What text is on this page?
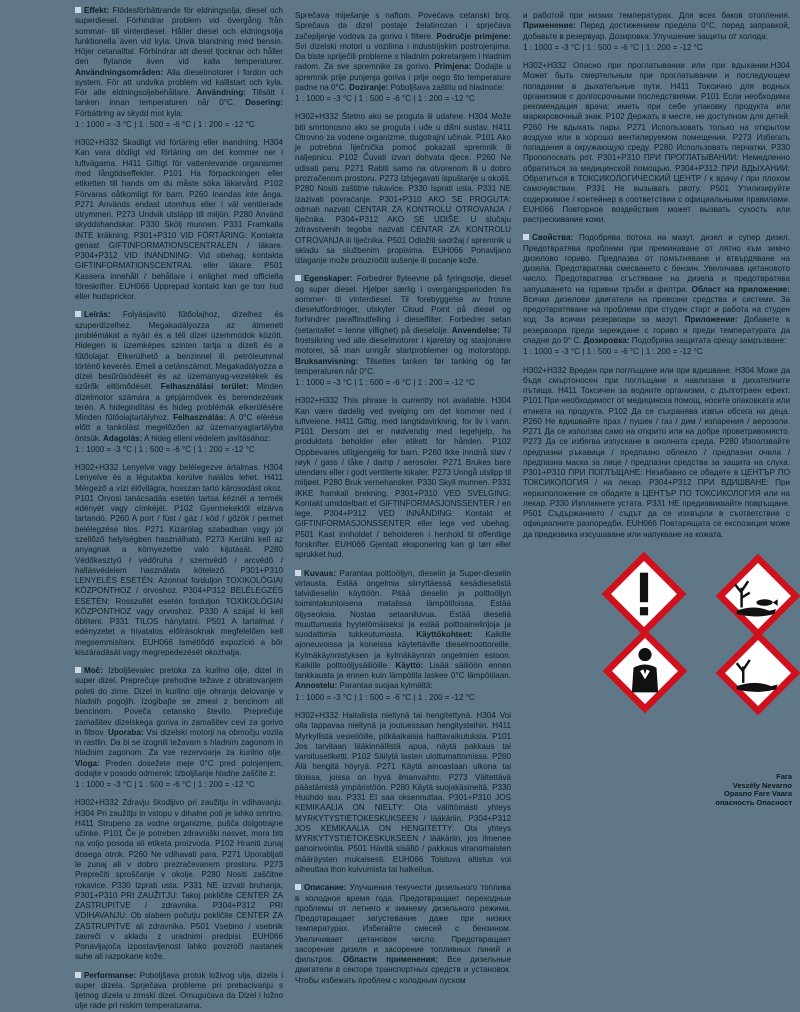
Effekt: Flödesförbättrande för eldningsolja, diesel och superdiesel. Förhindrar problem vid övergång från sommar- till vinterdiesel. Håller diesel och eldningsolja funktionella även vid kyla. Unvik blandning med bensin. Höjer cetanalltal. Förhindrar att diesel tjocknar och håller den flytande även vid kalla temperaturer. Användningsområden: Alla dieselmotorer i fordon och system. För att undvika problem vid kalllstart och kyla. För alle eldningsoljebehållare. Användning: Tillsätt i tanken innan temperaturen når 0°C. Dosering: Förbättring av skydd mot kyla:
1 : 1000 = -3 °C | 1 : 500 = -6 °C | 1 : 200 = -12 °C
H302+H332 Skadligt vid förtäring eller inandning. H304 Kan vara dödligt vid förtäring om det kommer ner i luftvägarna. H411 Giftigt för vattenlevande organismer med långtidseffekter. P101 Ha förpackningen eller etiketten till hands om du måste söka läkarvård. P102 Förvaras oåtkomligt för barn. P260 Inandas inte ånga. P271 Används endast utomhus eller i väl ventilerade utrymmen. P273 Undvik utsläpp till miljön. P280 Använd skyddshandskar. P330 Skölj munnen. P331 Framkalla INTE kräkning. P301+P310 VID FÖRTÄRING: Kontakta genast GIFTINFORMATIONSCENTRALEN / läkare. P304+P312 VID INANDNING: Vid obehag, kontakta GIFTINFORMATIONSCENTRAL eller läkare. P501 Kassera innehåll / behållare i enlighet med officiella föreskrifter. EUH066 Upprepad kontakt kan ge torr hud eller hudsprickor.
Leírás: Folyásjavító fűtőolajhoz, dízelhez és szuperdízelhez. Megakadályozza az átmeneti problémákat a nyári és a téli dízel üzemmódok között. Hidegen is üzemképes szinten tartja a dízelt és a fűtőolajat. Elkerülhető a benzinnel ill. petróleummal történő keverés. Emeli a cetánszámot. Megakadályozza a dízel besűrűsödését és az üzemanyag-vezetékek és szűrők eltömődését. Felhasználási terület: Minden dízelmotor számára a gépjárművek és berendezések terén. A hidegindítási és hideg problémák elkerülésére Minden fűtőolajtartályhoz. Felhasználás: A 0°C elérése előtt a tankolást megelőzően az üzemanyagtartályba öntsük. Adagolás: A hideg elleni védelem javításához:
1 : 1000 = -3 °C | 1 : 500 = -6 °C | 1 : 200 = -12 °C
H302+H332 Lenyelve vagy belélegezve ártalmas. H304 Lenyelve és a légutakba kerülve halálos lehet. H411 Mérgező a vízi élővilágra, hosszan tartó károsodást okoz. P101 Orvosi tanácsadás esetén tartsa kéznél a termék edényét vagy címkéjét. P102 Gyermekektől elzárva tartandó. P260 A port / füst / gáz / köd / gőzök / permet belélegzése tilos. P271 Kizárólag szabadban vagy jól szellőző helyiségben használható. P273 Kerülni kell az anyagnak a környezetbe való kijutását. P280 Védőkesztyű / védőruha / szemvédő / arcvédő / hallásvédelem használata kötelező. P301+P310 LENYELÉS ESETÉN: Azonnal forduljon TOXIKOLÓGIAI KÖZPONTHOZ / orvoshoz. P304+P312 BELÉLEGZÉS ESETÉN: Rosszullét esetén forduljon TOXIKOLÓGIAI KÖZPONTHOZ vagy orvoshoz. P330 A szájat ki kell öblíteni. P331 TILOS hánytatni. P501 A tartalmat / edényzetet a hivatalos előírásoknak megfelelően kell megsemmisíteni. EUH066 Ismétlődő expozíció a bőr kiszáradását vagy megrepedezését okozhatja.
Moč: Izboljševalec pretoka za kurilno olje, dizel in super dizel. Preprečuje prehodne težave z obratovanjem poleti do zime. Dizel in kurilno olje ohranja delovanje v hladnih pogojih. Izogibajte se zmesi z bencinom ali bencinom. Poveča cetansko število. Preprečuje zamašitev dizelskega goriva in zamašitev cevi za gorivo in filtrov. Uporaba: Vsi dizelski motorji na območju vozila in rastlin. Da bi se izognili težavam s hladnim zagonom in hladnim zagonom. Za vse rezervoarje za kurilno olje. Vloga: Preden dosežete meje 0°C pred polnjenjem, dodajte v posodo odmerek: Izboljšanje hladne zaščite z:
1 : 1000 = -3 °C | 1 : 500 = -6 °C | 1 : 200 = -12 °C
H302+H332 Zdravju škodljivo pri zaužitju in vdihavanju. H304 Pri zaužitju in vstopu v dihalne poti je lahko smrtno. H411 Strupeno za vodne organizme, pušča dolgotrajne učinke. P101 Če je potreben zdravniški nasvet, mora biti na voljo posoda ali etiketa proizvoda. P102 Hraniti zunaj dosega otrok. P260 Ne vdihavati para. P271 Uporabljati le zunaj ali v dobro prezračevanem prostoru. P273 Preprečiti sproščanje v okolje. P280 Nositi zaščitne rokavice. P330 Izprati usta. P331 NE izzvati bruhanja. P301+P310 PRI ZAUŽITJU: Takoj pokličite CENTER ZA ZASTRUPITVE / zdravnika. P304+P312 PRI VDIHAVANJU: Ob slabem počutju pokličite CENTER ZA ZASTRUPITVE ali zdravnika. P501 Vsebino / vsebnik zavreči v skladu z uradnimi predpisi. EUH066 Ponavljajoča izpostavljenost lahko povzroči nastanek suhe ali razpokane kože.
Performanse: Poboljšava protok loživog ulja, dizela i super dizela. Sprječava probleme pri prebacivanju s ljetnog dizela u zimski dizel. Omugućava da Dizel i ložno ulje rade pri niskim temperaturama.
Sprečava miješanje s naftom. Povećava cetanski broj. Sprečava da dizel postaje želatinozan i sprječava začepljenje vodova za gorivo i filtere. Područje primjene: Svi dizelski motori u vozilima i industrijskim postrojenjima. Da biste spriječili probleme s hladnim pokretanjem i hladnim radom. Za sve spremnike za gorivo. Primjena: Dodajte u spremnik prije punjenja goriva i prije nego što temperature padne na 0°C. Doziranje: Poboljšava zaštitu od hladnoće:
1 : 1000 = -3 °C | 1 : 500 = -6 °C | 1 : 200 = -12 °C
H302+H332 Štetno ako se proguta ili udahne. H304 Može biti smrtonosno ako se proguta i uđe u dišni sustav. H411 Otrovno za vodene organizme, dugotrajni učinak. P101 Ako je potrebna liječnička pomoć pokazati spremnik ili naljepnicu. P102 Čuvati izvan dohvata djece. P260 Ne udisati paru. P271 Rabiti samo na otvorenom ili u dobro prozračenom prostoru. P273 Izbjegavati ispuštanje u okoliš. P280 Nositi zaštitne rukavice. P330 Isprati usta. P331 NE izazivati povraćanje. P301+P310 AKO SE PROGUTA: odmah nazvati CENTAR ZA KONTROLU OTROVANJA / liječnika. P304+P312 AKO SE UDIŠE: U slučaju zdravstvenih tegoba nazvati CENTAR ZA KONTROLU OTROVANJA ili liječnika. P501 Odložiti sadržaj / spremnik u skladu sa službenim propisima. EUH066 Ponavljano izlaganje može prouzročiti sušenje ili pucanje kože.
Egenskaper: Forbedrer flyteevne på fyringsolje, diesel og super diesel. Hjelper særlig i overgangsperioden fra sommer- til vinterdiesel. Til forebyggelse av frosne dieselutfordringer, utskyter Cloud Point på diesel og forhindrer paraffinutfelling i dieselfilter. Forbedrer setan (setantallet = tenne villighet) på dieselolje. Anvendelse: Til frostsikring ved alle dieselmotorer i kjøretøy og stasjonære motorer, så man unngår startproblemer og motorstopp. Bruksanvisning: Tilsettes tanken før tanking og før temperaturen når 0°C.
1 : 1000 = -3 °C | 1 : 500 = -6 °C | 1 : 200 = -12 °C
H302+H332 This phrase is currently not available. H304 Kan være dødelig ved svelging om det kommer ned i luftveiene. H411 Giftig, med langtidsvirkning, for liv i vann. P101 Dersom det er nødvendig med legehjelp, ha produktets beholder eller etikett for hånden. P102 Oppbevares utilgjengelig for barn. P260 Ikke inndnå støv / røyk / gass / tåke / damp / aerosoler. P271 Brukes bare utendørs eller i godt ventilerte lokaler. P273 Unngå utslipp til miljøet. P280 Bruk vernehansker. P330 Skyll munnen. P331 IKKE framkall brekning. P301+P310 VED SVELGING: Kontakt umiddelbart et GIFTINFORMASJONSSENTER / en lege. P304+P312 VED INNÅNDING: Kontakt et GIFTINFORMASJONSSENTER eller lege ved ubehag. P501 Kast innholdet / beholderen i henhold til offentlige forskrifter. EUH066 Gjentatt eksponering kan gi tørr eller sprukket hud.
Kuvaus: Parantaa polttoöljyn, dieselin ja Super-dieselin virtausta. Estää ongelmia siirryttäessä kesädieselistä talvidieseliin käyttöön. Pitää dieselin ja polttoöljyn toimintakuntoisena matalissa lämpötiloissa. Estää öljyseoksia. Nostaa setaaniluvua. Estää dieseliä muuttumasta hyytelömäiseksi ja estää polttoainelinjoja ja suodattimia tukkeutumasta. Käyttökohteet: Kaikille ajoneuvoissa ja koneissa käytettäville dieselmoottoreille. Kylmäkäynnistyksen ja kylmäkäynnin ongelmien estoon. Kaikille polttoöljysäiliöille. Käyttö: Lisää säiliöön ennen tankkausta ja ennen kuin lämpötila laskee 0°C lämpötilaan. Annostelu: Parantaa suojaa kylmältä:
1 : 1000 = -3 °C | 1 : 500 = -6 °C | 1 : 200 = -12 °C
H302+H332 Haitallista nieltynä tai hengitettynä. H304 Voi olla tappavaa nieltynä ja joutuessaan hengitysteihin. H411 Myrkyllistä vesieliöille, pitkäaikaisia haittavaikutuksia. P101 Jos tarvitaan lääkinnällistä apua, näytä pakkaus tai varoitusetiketti. P102 Säilytä lasten ulottumattomissa. P260 Älä hengitä höyryä. P271 Käytä ainoastaan ulkona tai tiloissa, joissa on hyvä ilmanvaihto. P273 Vältettävä päästämistä ympäristöön. P280 Käytä suojakäsineitä. P330 Huuhdo suu. P331 EI saa oksennuttaa. P301+P310 JOS KEMIKAALIA ON NIELTY: Ota välittömästi yhteys MYRKYTYSTIETOKESKUKSEEN / lääkäriin. P304+P312 JOS KEMIKAALIA ON HENGITETTY: Ota yhteys MYRKYTYSTIETOKESKUKSEEN / lääkäriin, jos ilmenee pahoinvointia. P501 Hävitä sisältö / pakkaus viranomaisten määräysten mukaisesti. EUH066 Toistuva altistus voi aiheuttaa ihon kuivumista tai halkeilua.
Описание: Улучшения текучести дизельного топлива в холодное время года. Предотвращает переходные проблемы от летнего к зимнему дизельного режима. Предотвращает загустевание даже при низких температурах. Избегайте смесей с бензином. Увеличивает цетановое число. Предотвращает засорение дизеля и засорение топливных линий и фильтров. Области применения: Все дизельные двигатели в секторе транспортных средств и установок. Чтобы избежать проблем с холодным пуском
и работой при низких температурах. Для всех баков отопления. Применение: Перед достижением предела 0°C, перед заправкой, добавьте в резервуар. Дозировка: Улучшение защиты от холода:
1 : 1000 = -3 °C | 1 : 500 = -6 °C | 1 : 200 = -12 °C
H302+H332 Опасно при проглатывании или при вдыхании.H304 Может быть смертельным при проглатывании и последующем попадании в дыхательные пути. H411 Токсично для водных организмов с долгосрочными последствиями. P101 Если необходима рекомендация врача: иметь при себе упаковку продукта или маркировочный знак. P102 Держать в месте, не доступном для детей. P260 Не вдыхать пары. P271 Использовать только на открытом воздухе или в хорошо вентилируемом помещении. P273 Избегать попадания в окружающую среду. P280 Использовать перчатки. P330 Прополоскать рот. P301+P310 ПРИ ПРОГЛАТЫВАНИИ: Немедленно обратиться за медицинской помощью. P304+P312 ПРИ ВДЫХАНИИ: Обратиться в ТОКСИКОЛОГИЧЕСКИЙ ЦЕНТР / к врачу / при плохом самочувствии. P331 Не вызывать рвоту. P501 Утилизируйте содержимое / контейнер в соответствии с официальными правилами. EUH066 Повторное воздействие может вызвать сухость или растрескивание кожи.
Свойства: Подобрява потока на мазут, дизел и супер дизел. Предотвратява проблеми при преминаване от лятно към зимно дизелово гориво. Предпазва от помътняване и втвърдяване на дизела. Предотвратява смесването с бензин. Увеличава цетановото число. Предотвратява сгъстяване на дизела и предотвратява запушването на горивни тръби и филтри. Област на приложение: Всички дизелови двигатели на превозни средства и системи. За предотвратяване на проблеми при студен старт и работа на студен ход. За всички резервоари за мазут. Приложение: Добавете в резервоара преди зареждане с гориво и преди температурата да спадне до 0° С. Дозировка: Подобрява защитата срещу замръзване:
1 : 1000 = -3 °C | 1 : 500 = -6 °C | 1 : 200 = -12 °C
H302+H332 Вреден при поглъщане или при вдишване. H304 Може да бъде смъртоносен при поглъщане и навлизане в дихателните пътища. H411 Токсичен за водните организми, с дълготраен ефект. P101 При необходимост от медицинска помощ, носете опаковката или етикета на продукта. P102 Да се съхранява извън обсега на деца. P260 Не вдишвайте прах / пушек / газ / дим / изпарения / аерозоли. P271 Да се използва само на открито или на добре проветривомясто. P273 Да се избягва изпускане в околната среда. P280 Използвайте предпазни ръкавици / предпазно облекло / предпазни очила / предпазна маска за лице / предпазни средства за защита на слуха. P301+P310 ПРИ ПОГЛЪЩАНЕ: Незабавно се обадете в ЦЕНТЪР ПО ТОКСИКОЛОГИЯ / на лекар. P304+P312 ПРИ ВДИШВАНЕ: При неразположение се обадете в ЦЕНТЪР ПО ТОКСИКОЛОГИЯ или на лекар. P330 Изплакнете устата. P331 НЕ предизвиквайте повръщане. P501 Съдържанието / съдът да се изхвърли в съответствие с официалните разпоредби. EUH066 Повтарящата се експозиция може да предизвика изсушаване или напукване на кожата.
Fara
Veszély Nevarno
Opasno Fare Vaara
опасность Опасност
